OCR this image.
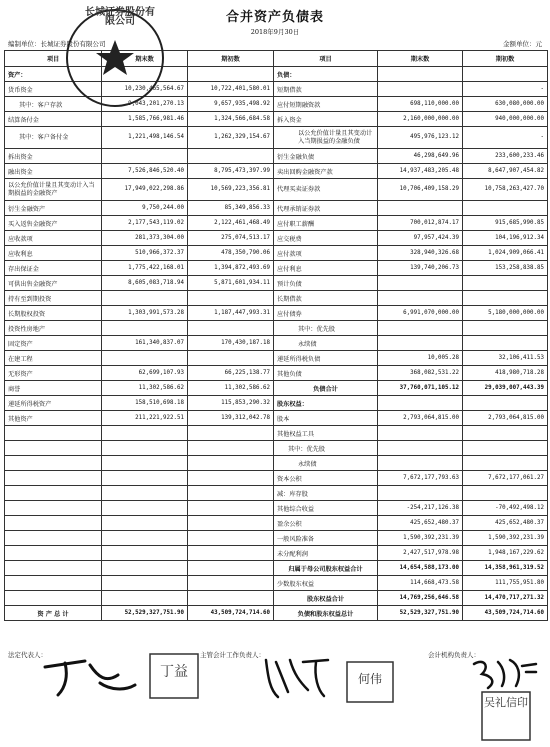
合并资产负债表
2018年9月30日
编制单位：长城证券股份有限公司	金额单位：元
项目	期末数	期初数	项目	期末数	期初数
资产：			负债：		
货币资金	10,230,465,564.67	10,722,401,580.01	短期借款		-
其中：客户存款	9,043,201,270.13	9,657,935,498.92	应付短期融资款	698,110,000.00	630,080,000.00
结算备付金	1,585,766,981.46	1,324,566,684.58	拆入资金	2,160,000,000.00	940,000,000.00
其中：客户备付金	1,221,498,146.54	1,262,329,154.67	以公允价值计量且其变动计入当期损益的金融负债	495,976,123.12	-
拆出资金			衍生金融负债	46,298,649.96	233,600,233.46
融出资金	7,526,846,520.40	8,795,473,397.99	卖出回购金融资产款	14,937,483,205.48	8,647,907,454.82
以公允价值计量且其变动计入当期损益的金融资产	17,949,022,298.86	10,569,223,356.81	代理买卖证券款	10,706,409,158.29	10,758,263,427.70
衍生金融资产	9,750,244.00	85,349,856.33	代理承销证券款		
买入返售金融资产	2,177,543,119.02	2,122,461,468.49	应付职工薪酬	700,012,874.17	915,685,990.85
应收款项	281,373,304.00	275,074,513.17	应交税费	97,957,424.39	104,196,912.34
应收利息	510,966,372.37	478,350,790.06	应付款项	328,940,326.68	1,024,909,066.41
存出保证金	1,775,422,168.01	1,394,872,493.69	应付利息	139,740,206.73	153,258,838.85
可供出售金融资产	8,605,083,718.94	5,871,601,934.11	预计负债		
持有至到期投资			长期借款		
长期股权投资	1,303,991,573.28	1,187,447,993.31	应付债券	6,991,070,000.00	5,180,000,000.00
投资性房地产			其中：优先股		
固定资产	161,340,837.07	170,430,187.18	永续债		
在建工程			递延所得税负债	10,005.28	32,106,411.53
无形资产	62,699,107.93	66,225,138.77	其他负债	368,082,531.22	418,980,718.28
商誉	11,302,586.62	11,302,586.62	负债合计	37,760,071,105.12	29,039,007,443.39
递延所得税资产	158,510,698.18	115,853,290.32	股东权益：		
其他资产	211,221,922.51	139,312,042.78	股本	2,793,064,815.00	2,793,064,815.00
			其他权益工具		
			其中：优先股		
			永续债		
			资本公积	7,672,177,793.63	7,672,177,061.27
			减：库存股		
			其他综合收益	-254,217,126.38	-70,492,498.12
			盈余公积	425,652,480.37	425,652,480.37
			一般风险准备	1,590,392,231.39	1,590,392,231.39
			未分配利润	2,427,517,978.98	1,948,167,229.62
			归属于母公司股东权益合计	14,654,588,173.00	14,358,961,319.52
			少数股东权益	114,668,473.58	111,755,951.80
			股东权益合计	14,769,256,646.58	14,470,717,271.32
资 产 总 计	52,529,327,751.90	43,509,724,714.60	负债和股东权益总计	52,529,327,751.90	43,509,724,714.60
法定代表人：	主管会计工作负责人：	会计机构负责人：
长城证券股份有限公司
丁益	何伟
吴礼信印
